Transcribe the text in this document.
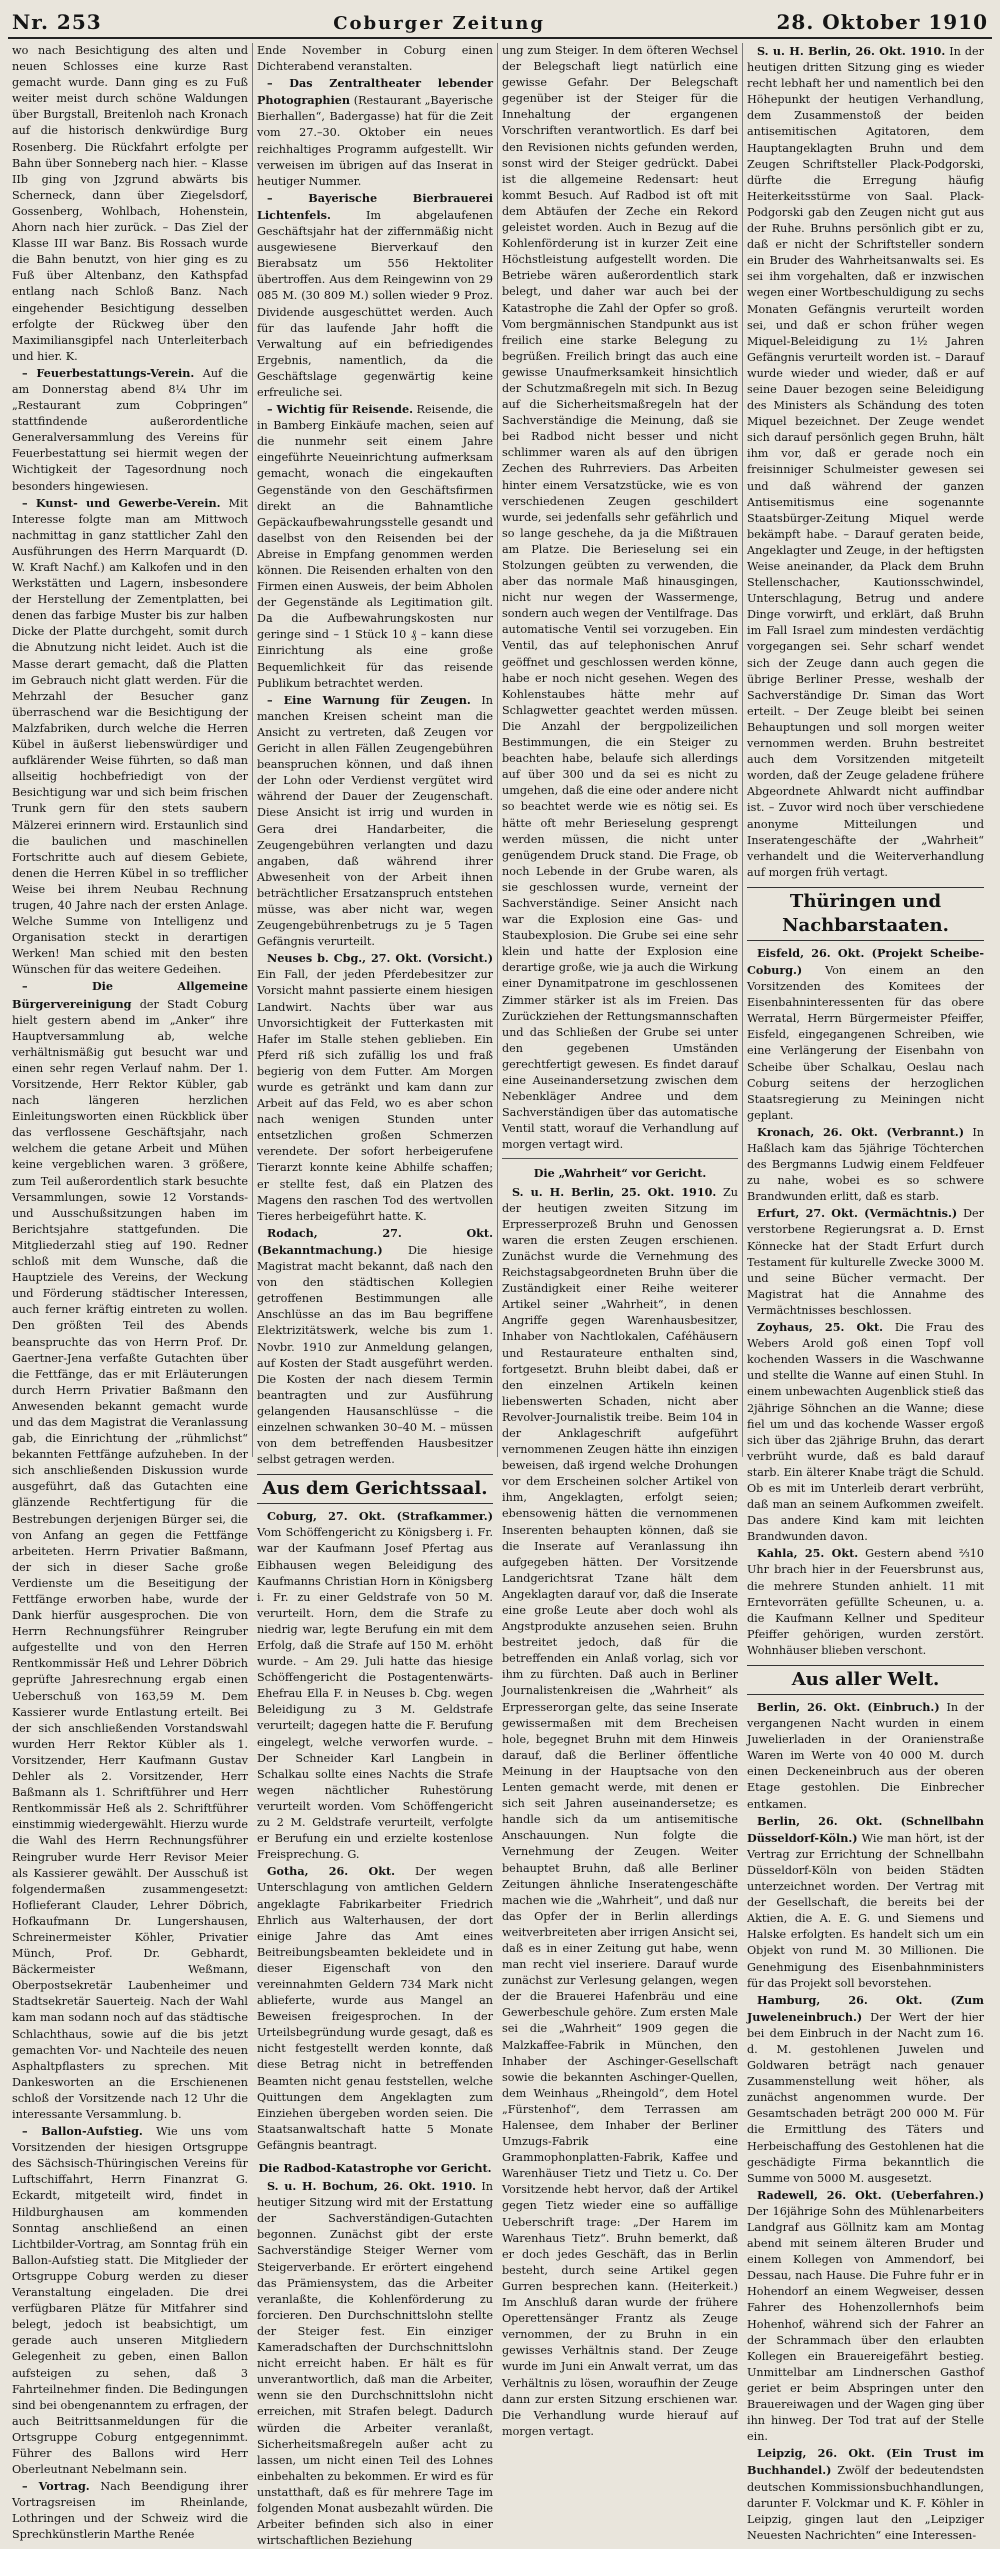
Nr. 253	Coburger Zeitung	28. Oktober 1910

wo nach Besichtigung des alten und neuen Schlosses eine kurze Rast gemacht wurde. Dann ging es zu Fuß weiter meist durch schöne Waldungen über Burgstall, Breitenloh nach Kronach auf die historisch denkwürdige Burg Rosenberg. Die Rückfahrt erfolgte per Bahn über Sonneberg nach hier. – Klasse IIb ging von Jzgrund abwärts bis Scherneck, dann über Ziegelsdorf, Gossenberg, Wohlbach, Hohenstein, Ahorn nach hier zurück. – Das Ziel der Klasse III war Banz. Bis Rossach wurde die Bahn benutzt, von hier ging es zu Fuß über Altenbanz, den Kathspfad entlang nach Schloß Banz. Nach eingehender Besichtigung desselben erfolgte der Rückweg über den Maximiliansgipfel nach Unterleiterbach und hier. K.

– Feuerbestattungs-Verein. Auf die am Donnerstag abend 8¼ Uhr im „Restaurant zum Cobpringen“ stattfindende außerordentliche Generalversammlung des Vereins für Feuerbestattung sei hiermit wegen der Wichtigkeit der Tagesordnung noch besonders hingewiesen.

– Kunst- und Gewerbe-Verein. Mit Interesse folgte man am Mittwoch nachmittag in ganz stattlicher Zahl den Ausführungen des Herrn Marquardt (D. W. Kraft Nachf.) am Kalkofen und in den Werkstätten und Lagern, insbesondere der Herstellung der Zementplatten, bei denen das farbige Muster bis zur halben Dicke der Platte durchgeht, somit durch die Abnutzung nicht leidet. Auch ist die Masse derart gemacht, daß die Platten im Gebrauch nicht glatt werden. Für die Mehrzahl der Besucher ganz überraschend war die Besichtigung der Malzfabriken, durch welche die Herren Kübel in äußerst liebenswürdiger und aufklärender Weise führten, so daß man allseitig hochbefriedigt von der Besichtigung war und sich beim frischen Trunk gern für den stets saubern Mälzerei erinnern wird. Erstaunlich sind die baulichen und maschinellen Fortschritte auch auf diesem Gebiete, denen die Herren Kübel in so trefflicher Weise bei ihrem Neubau Rechnung trugen, 40 Jahre nach der ersten Anlage. Welche Summe von Intelligenz und Organisation steckt in derartigen Werken! Man schied mit den besten Wünschen für das weitere Gedeihen.

– Die Allgemeine Bürgervereinigung der Stadt Coburg hielt gestern abend im „Anker“ ihre Hauptversammlung ab, welche verhältnismäßig gut besucht war und einen sehr regen Verlauf nahm. Der 1. Vorsitzende, Herr Rektor Kübler, gab nach längeren herzlichen Einleitungsworten einen Rückblick über das verflossene Geschäftsjahr, nach welchem die getane Arbeit und Mühen keine vergeblichen waren. 3 größere, zum Teil außerordentlich stark besuchte Versammlungen, sowie 12 Vorstands- und Ausschußsitzungen haben im Berichtsjahre stattgefunden. Die Mitgliederzahl stieg auf 190. Redner schloß mit dem Wunsche, daß die Hauptziele des Vereins, der Weckung und Förderung städtischer Interessen, auch ferner kräftig eintreten zu wollen. Den größten Teil des Abends beanspruchte das von Herrn Prof. Dr. Gaertner-Jena verfaßte Gutachten über die Fettfänge, das er mit Erläuterungen durch Herrn Privatier Baßmann den Anwesenden bekannt gemacht wurde und das dem Magistrat die Veranlassung gab, die Einrichtung der „rühmlichst“ bekannten Fettfänge aufzuheben. In der sich anschließenden Diskussion wurde ausgeführt, daß das Gutachten eine glänzende Rechtfertigung für die Bestrebungen derjenigen Bürger sei, die von Anfang an gegen die Fettfänge arbeiteten. Herrn Privatier Baßmann, der sich in dieser Sache große Verdienste um die Beseitigung der Fettfänge erworben habe, wurde der Dank hierfür ausgesprochen. Die von Herrn Rechnungsführer Reingruber aufgestellte und von den Herren Rentkommissär Heß und Lehrer Döbrich geprüfte Jahresrechnung ergab einen Ueberschuß von 163,59 M. Dem Kassierer wurde Entlastung erteilt. Bei der sich anschließenden Vorstandswahl wurden Herr Rektor Kübler als 1. Vorsitzender, Herr Kaufmann Gustav Dehler als 2. Vorsitzender, Herr Baßmann als 1. Schriftführer und Herr Rentkommissär Heß als 2. Schriftführer einstimmig wiedergewählt. Hierzu wurde die Wahl des Herrn Rechnungsführer Reingruber wurde Herr Revisor Meier als Kassierer gewählt. Der Ausschuß ist folgendermaßen zusammengesetzt: Hoflieferant Clauder, Lehrer Döbrich, Hofkaufmann Dr. Lungershausen, Schreinermeister Köhler, Privatier Münch, Prof. Dr. Gebhardt, Bäckermeister Weßmann, Oberpostsekretär Laubenheimer und Stadtsekretär Sauerteig. Nach der Wahl kam man sodann noch auf das städtische Schlachthaus, sowie auf die bis jetzt gemachten Vor- und Nachteile des neuen Asphaltpflasters zu sprechen. Mit Dankesworten an die Erschienenen schloß der Vorsitzende nach 12 Uhr die interessante Versammlung. b.

– Ballon-Aufstieg. Wie uns vom Vorsitzenden der hiesigen Ortsgruppe des Sächsisch-Thüringischen Vereins für Luftschiffahrt, Herrn Finanzrat G. Eckardt, mitgeteilt wird, findet in Hildburghausen am kommenden Sonntag anschließend an einen Lichtbilder-Vortrag, am Sonntag früh ein Ballon-Aufstieg statt. Die Mitglieder der Ortsgruppe Coburg werden zu dieser Veranstaltung eingeladen. Die drei verfügbaren Plätze für Mitfahrer sind belegt, jedoch ist beabsichtigt, um gerade auch unseren Mitgliedern Gelegenheit zu geben, einen Ballon aufsteigen zu sehen, daß 3 Fahrteilnehmer finden. Die Bedingungen sind bei obengenanntem zu erfragen, der auch Beitrittsanmeldungen für die Ortsgruppe Coburg entgegennimmt. Führer des Ballons wird Herr Oberleutnant Nebelmann sein.

– Vortrag. Nach Beendigung ihrer Vortragsreisen im Rheinlande, Lothringen und der Schweiz wird die Sprechkünstlerin Marthe Renée

Ende November in Coburg einen Dichterabend veranstalten.

– Das Zentraltheater lebender Photographien (Restaurant „Bayerische Bierhallen“, Badergasse) hat für die Zeit vom 27.–30. Oktober ein neues reichhaltiges Programm aufgestellt. Wir verweisen im übrigen auf das Inserat in heutiger Nummer.

– Bayerische Bierbrauerei Lichtenfels.	Im abgelaufenen Geschäftsjahr hat der ziffernmäßig nicht ausgewiesene Bierverkauf den Bierabsatz um 556 Hektoliter übertroffen. Aus dem Reingewinn von 29 085 M. (30 809 M.) sollen wieder 9 Proz. Dividende ausgeschüttet werden. Auch für das laufende Jahr hofft die Verwaltung auf ein befriedigendes Ergebnis, namentlich, da die Geschäftslage gegenwärtig keine erfreuliche sei.

– Wichtig für Reisende. Reisende, die in Bamberg Einkäufe machen, seien auf die nunmehr seit einem Jahre eingeführte Neueinrichtung aufmerksam gemacht, wonach die eingekauften Gegenstände von den Geschäftsfirmen direkt an die Bahnamtliche Gepäckaufbewahrungsstelle gesandt und daselbst von den Reisenden bei der Abreise in Empfang genommen werden können. Die Reisenden erhalten von den Firmen einen Ausweis, der beim Abholen der Gegenstände als Legitimation gilt. Da die Aufbewahrungskosten nur geringe sind – 1 Stück 10 ₰ – kann diese Einrichtung als eine große Bequemlichkeit für das reisende Publikum betrachtet werden.

– Eine Warnung für Zeugen. In manchen Kreisen scheint man die Ansicht zu vertreten, daß Zeugen vor Gericht in allen Fällen Zeugengebühren beanspruchen können, und daß ihnen der Lohn oder Verdienst vergütet wird während der Dauer der Zeugenschaft. Diese Ansicht ist irrig und wurden in Gera drei Handarbeiter, die Zeugengebühren verlangten und dazu angaben, daß während ihrer Abwesenheit von der Arbeit ihnen beträchtlicher Ersatzanspruch entstehen müsse, was aber nicht war, wegen Zeugengebührenbetrugs zu je 5 Tagen Gefängnis verurteilt.

Neuses b. Cbg., 27. Okt. (Vorsicht.) Ein Fall, der jeden Pferdebesitzer zur Vorsicht mahnt passierte einem hiesigen Landwirt. Nachts über war aus Unvorsichtigkeit der Futterkasten mit Hafer im Stalle stehen geblieben. Ein Pferd riß sich zufällig los und fraß begierig von dem Futter. Am Morgen wurde es getränkt und kam dann zur Arbeit auf das Feld, wo es aber schon nach wenigen Stunden unter entsetzlichen großen Schmerzen verendete. Der sofort herbeigerufene Tierarzt konnte keine Abhilfe schaffen; er stellte fest, daß ein Platzen des Magens den raschen Tod des wertvollen Tieres herbeigeführt hatte. K.

Rodach, 27. Okt. (Bekanntmachung.) Die hiesige Magistrat macht bekannt, daß nach den von den städtischen Kollegien getroffenen Bestimmungen alle Anschlüsse an das im Bau begriffene Elektrizitätswerk, welche bis zum 1. Novbr. 1910 zur Anmeldung gelangen, auf Kosten der Stadt ausgeführt werden. Die Kosten der nach diesem Termin beantragten und zur Ausführung gelangenden Hausanschlüsse – die einzelnen schwanken 30–40 M. – müssen von dem betreffenden Hausbesitzer selbst getragen werden.

Aus dem Gerichtssaal.

Coburg, 27. Okt. (Strafkammer.) Vom Schöffengericht zu Königsberg i. Fr. war der Kaufmann Josef Pfertag aus Eibhausen wegen Beleidigung des Kaufmanns Christian Horn in Königsberg i. Fr. zu einer Geldstrafe von 50 M. verurteilt. Horn, dem die Strafe zu niedrig war, legte Berufung ein mit dem Erfolg, daß die Strafe auf 150 M. erhöht wurde. – Am 29. Juli hatte das hiesige Schöffengericht die Postagentenwärts-Ehefrau Ella F. in Neuses b. Cbg. wegen Beleidigung zu 3 M. Geldstrafe verurteilt; dagegen hatte die F. Berufung eingelegt, welche verworfen wurde. – Der Schneider Karl Langbein in Schalkau sollte eines Nachts die Strafe wegen nächtlicher Ruhestörung verurteilt worden. Vom Schöffengericht zu 2 M. Geldstrafe verurteilt, verfolgte er Berufung ein und erzielte kostenlose Freisprechung. G.

Gotha, 26. Okt. Der wegen Unterschlagung von amtlichen Geldern angeklagte Fabrikarbeiter Friedrich Ehrlich aus Walterhausen, der dort einige Jahre das Amt eines Beitreibungsbeamten bekleidete und in dieser Eigenschaft von den vereinnahmten Geldern 734 Mark nicht ablieferte, wurde aus Mangel an Beweisen freigesprochen. In der Urteilsbegründung wurde gesagt, daß es nicht festgestellt werden konnte, daß diese Betrag nicht in betreffenden Beamten nicht genau feststellen, welche Quittungen dem Angeklagten zum Einziehen übergeben worden seien. Die Staatsanwaltschaft hatte 5 Monate Gefängnis beantragt.

Die Radbod-Katastrophe vor Gericht.

S. u. H. Bochum, 26. Okt. 1910. In heutiger Sitzung wird mit der Erstattung der Sachverständigen-Gutachten begonnen. Zunächst gibt der erste Sachverständige Steiger Werner vom Steigerverbande. Er erörtert eingehend das Prämiensystem, das die Arbeiter veranlaßte, die Kohlenförderung zu forcieren. Den Durchschnittslohn stellte der Steiger fest. Ein einziger Kameradschaften der Durchschnittslohn nicht erreicht haben. Er hält es für unverantwortlich, daß man die Arbeiter, wenn sie den Durchschnittslohn nicht erreichen, mit Strafen belegt. Dadurch würden die Arbeiter veranlaßt, Sicherheitsmaßregeln außer acht zu lassen, um nicht einen Teil des Lohnes einbehalten zu bekommen. Er wird es für unstatthaft, daß es für mehrere Tage im folgenden Monat ausbezahlt würden. Die Arbeiter befinden sich also in einer wirtschaftlichen Beziehung

ung zum Steiger. In dem öfteren Wechsel der Belegschaft liegt natürlich eine gewisse Gefahr. Der Belegschaft gegenüber ist der Steiger für die Innehaltung der ergangenen Vorschriften verantwortlich. Es darf bei den Revisionen nichts gefunden werden, sonst wird der Steiger gedrückt. Dabei ist die allgemeine Redensart: heut kommt Besuch. Auf Radbod ist oft mit dem Abtäufen der Zeche ein Rekord geleistet worden. Auch in Bezug auf die Kohlenförderung ist in kurzer Zeit eine Höchstleistung aufgestellt worden. Die Betriebe wären außerordentlich stark belegt, und daher war auch bei der Katastrophe die Zahl der Opfer so groß. Vom bergmännischen Standpunkt aus ist freilich eine starke Belegung zu begrüßen. Freilich bringt das auch eine gewisse Unaufmerksamkeit hinsichtlich der Schutzmaßregeln mit sich. In Bezug auf die Sicherheitsmaßregeln hat der Sachverständige die Meinung, daß sie bei Radbod nicht besser und nicht schlimmer waren als auf den übrigen Zechen des Ruhrreviers. Das Arbeiten hinter einem Versatzstücke, wie es von verschiedenen Zeugen geschildert wurde, sei jedenfalls sehr gefährlich und so lange geschehe, da ja die Mißtrauen am Platze. Die Berieselung sei ein Stolzungen geübten zu verwenden, die aber das normale Maß hinausgingen, nicht nur wegen der Wassermenge, sondern auch wegen der Ventilfrage. Das automatische Ventil sei vorzugeben. Ein Ventil, das auf telephonischen Anruf geöffnet und geschlossen werden könne, habe er noch nicht gesehen. Wegen des Kohlenstaubes hätte mehr auf Schlagwetter geachtet werden müssen. Die Anzahl der bergpolizeilichen Bestimmungen, die ein Steiger zu beachten habe, belaufe sich allerdings auf über 300 und da sei es nicht zu umgehen, daß die eine oder andere nicht so beachtet werde wie es nötig sei. Es hätte oft mehr Berieselung gesprengt werden müssen, die nicht unter genügendem Druck stand. Die Frage, ob noch Lebende in der Grube waren, als sie geschlossen wurde, verneint der Sachverständige. Seiner Ansicht nach war die Explosion eine Gas- und Staubexplosion. Die Grube sei eine sehr klein und hatte der Explosion eine derartige große, wie ja auch die Wirkung einer Dynamitpatrone im geschlossenen Zimmer stärker ist als im Freien. Das Zurückziehen der Rettungsmannschaften und das Schließen der Grube sei unter den gegebenen Umständen gerechtfertigt gewesen. Es findet darauf eine Auseinandersetzung zwischen dem Nebenkläger Andree und dem Sachverständigen über das automatische Ventil statt, worauf die Verhandlung auf morgen vertagt wird.

Die „Wahrheit“ vor Gericht.

S. u. H. Berlin, 25. Okt. 1910. Zu der heutigen zweiten Sitzung im Erpresserprozeß Bruhn und Genossen waren die ersten Zeugen erschienen. Zunächst wurde die Vernehmung des Reichstagsabgeordneten Bruhn über die Zuständigkeit einer Reihe weiterer Artikel seiner „Wahrheit“, in denen Angriffe gegen Warenhausbesitzer, Inhaber von Nachtlokalen, Caféhäusern und Restaurateure enthalten sind, fortgesetzt. Bruhn bleibt dabei, daß er den einzelnen Artikeln keinen liebenswerten Schaden, nicht aber Revolver-Journalistik treibe. Beim 104 in der Anklageschrift aufgeführt vernommenen Zeugen hätte ihn einzigen beweisen, daß irgend welche Drohungen vor dem Erscheinen solcher Artikel von ihm, Angeklagten, erfolgt seien; ebensowenig hätten die vernommenen Inserenten behaupten können, daß sie die Inserate auf Veranlassung ihn aufgegeben hätten. Der Vorsitzende Landgerichtsrat Tzane hält dem Angeklagten darauf vor, daß die Inserate eine große Leute aber doch wohl als Angstprodukte anzusehen seien. Bruhn bestreitet jedoch, daß für die betreffenden ein Anlaß vorlag, sich vor ihm zu fürchten. Daß auch in Berliner Journalistenkreisen die „Wahrheit“ als Erpresserorgan gelte, das seine Inserate gewissermaßen mit dem Brecheisen hole, begegnet Bruhn mit dem Hinweis darauf, daß die Berliner öffentliche Meinung in der Hauptsache von den Lenten gemacht werde, mit denen er sich seit Jahren auseinandersetze; es handle sich da um antisemitische Anschauungen. Nun folgte die Vernehmung der Zeugen. Weiter behauptet Bruhn, daß alle Berliner Zeitungen ähnliche Inseratengeschäfte machen wie die „Wahrheit“, und daß nur das Opfer der in Berlin allerdings weitverbreiteten aber irrigen Ansicht sei, daß es in einer Zeitung gut habe, wenn man recht viel inseriere. Darauf wurde zunächst zur Verlesung gelangen, wegen der die Brauerei Hafenbräu und eine Gewerbeschule gehöre. Zum ersten Male sei die „Wahrheit“ 1909 gegen die Malzkaffee-Fabrik in München, den Inhaber der Aschinger-Gesellschaft sowie die bekannten Aschinger-Quellen, dem Weinhaus „Rheingold“, dem Hotel „Fürstenhof“, dem Terrassen am Halensee, dem Inhaber der Berliner Umzugs-Fabrik eine Grammophonplatten-Fabrik, Kaffee und Warenhäuser Tietz und Tietz u. Co. Der Vorsitzende hebt hervor, daß der Artikel gegen Tietz wieder eine so auffällige Ueberschrift trage: „Der Harem im Warenhaus Tietz“. Bruhn bemerkt, daß er doch jedes Geschäft, das in Berlin besteht, durch seine Artikel gegen Gurren besprechen kann. (Heiterkeit.) Im Anschluß daran wurde der frühere Operettensänger Frantz als Zeuge vernommen, der zu Bruhn in ein gewisses Verhältnis stand. Der Zeuge wurde im Juni ein Anwalt verrat, um das Verhältnis zu lösen, woraufhin der Zeuge dann zur ersten Sitzung erschienen war. Die Verhandlung wurde hierauf auf morgen vertagt.

S. u. H. Berlin, 26. Okt. 1910. In der heutigen dritten Sitzung ging es wieder recht lebhaft her und namentlich bei den Höhepunkt der heutigen Verhandlung, dem Zusammenstoß der beiden antisemitischen Agitatoren, dem Hauptangeklagten Bruhn und dem Zeugen Schriftsteller Plack-Podgorski, dürfte die Erregung häufig Heiterkeitsstürme von Saal. Plack-Podgorski gab den Zeugen nicht gut aus der Ruhe. Bruhns persönlich gibt er zu, daß er nicht der Schriftsteller sondern ein Bruder des Wahrheitsanwalts sei. Es sei ihm vorgehalten, daß er inzwischen wegen einer Wortbeschuldigung zu sechs Monaten Gefängnis verurteilt worden sei, und daß er schon früher wegen Miquel-Beleidigung zu 1½ Jahren Gefängnis verurteilt worden ist. – Darauf wurde wieder und wieder, daß er auf seine Dauer bezogen seine Beleidigung des Ministers als Schändung des toten Miquel bezeichnet. Der Zeuge wendet sich darauf persönlich gegen Bruhn, hält ihm vor, daß er gerade noch ein freisinniger Schulmeister gewesen sei und daß während der ganzen Antisemitismus eine sogenannte Staatsbürger-Zeitung Miquel werde bekämpft habe. – Darauf geraten beide, Angeklagter und Zeuge, in der heftigsten Weise aneinander, da Plack dem Bruhn Stellenschacher, Kautionsschwindel, Unterschlagung, Betrug und andere Dinge vorwirft, und erklärt, daß Bruhn im Fall Israel zum mindesten verdächtig vorgegangen sei. Sehr scharf wendet sich der Zeuge dann auch gegen die übrige Berliner Presse, weshalb der Sachverständige Dr. Siman das Wort erteilt. – Der Zeuge bleibt bei seinen Behauptungen und soll morgen weiter vernommen werden. Bruhn bestreitet auch dem Vorsitzenden mitgeteilt worden, daß der Zeuge geladene frühere Abgeordnete Ahlwardt nicht auffindbar ist. – Zuvor wird noch über verschiedene anonyme Mitteilungen und Inseratengeschäfte der „Wahrheit“ verhandelt und die Weiterverhandlung auf morgen früh vertagt.

Thüringen und Nachbarstaaten.

Eisfeld, 26. Okt. (Projekt Scheibe-Coburg.) Von einem an den Vorsitzenden des Komitees der Eisenbahninteressenten für das obere Werratal, Herrn Bürgermeister Pfeiffer, Eisfeld, eingegangenen Schreiben, wie eine Verlängerung der Eisenbahn von Scheibe über Schalkau, Oeslau nach Coburg seitens der herzoglichen Staatsregierung zu Meiningen nicht geplant.

Kronach, 26. Okt. (Verbrannt.) In Haßlach kam das 5jährige Töchterchen des Bergmanns Ludwig einem Feldfeuer zu nahe, wobei es so schwere Brandwunden erlitt, daß es starb.

Erfurt, 27. Okt. (Vermächtnis.) Der verstorbene Regierungsrat a. D. Ernst Könnecke hat der Stadt Erfurt durch Testament für kulturelle Zwecke 3000 M. und seine Bücher vermacht. Der Magistrat hat die Annahme des Vermächtnisses beschlossen.

Zoyhaus, 25. Okt. Die Frau des Webers Arold goß einen Topf voll kochenden Wassers in die Waschwanne und stellte die Wanne auf einen Stuhl. In einem unbewachten Augenblick stieß das 2jährige Söhnchen an die Wanne; diese fiel um und das kochende Wasser ergoß sich über das 2jährige Bruhn, das derart verbrüht wurde, daß es bald darauf starb. Ein älterer Knabe trägt die Schuld. Ob es mit im Unterleib derart verbrüht, daß man an seinem Aufkommen zweifelt. Das andere Kind kam mit leichten Brandwunden davon.

Kahla, 25. Okt. Gestern abend ⅔10 Uhr brach hier in der Feuersbrunst aus, die mehrere Stunden anhielt. 11 mit Erntevorräten gefüllte Scheunen, u. a. die Kaufmann Kellner und Spediteur Pfeiffer gehörigen, wurden zerstört. Wohnhäuser blieben verschont.

Aus aller Welt.

Berlin, 26. Okt. (Einbruch.) In der vergangenen Nacht wurden in einem Juwelierladen in der Oranienstraße Waren im Werte von 40 000 M. durch einen Deckeneinbruch aus der oberen Etage gestohlen. Die Einbrecher entkamen.

Berlin, 26. Okt. (Schnellbahn Düsseldorf-Köln.) Wie man hört, ist der Vertrag zur Errichtung der Schnellbahn Düsseldorf-Köln von beiden Städten unterzeichnet worden. Der Vertrag mit der Gesellschaft, die bereits bei der Aktien, die A. E. G. und Siemens und Halske erfolgten. Es handelt sich um ein Objekt von rund M. 30 Millionen. Die Genehmigung des Eisenbahnministers für das Projekt soll bevorstehen.

Hamburg, 26. Okt. (Zum Juweleneinbruch.) Der Wert der hier bei dem Einbruch in der Nacht zum 16. d. M. gestohlenen Juwelen und Goldwaren beträgt nach genauer Zusammenstellung weit höher, als zunächst angenommen wurde. Der Gesamtschaden beträgt 200 000 M. Für die Ermittlung des Täters und Herbeischaffung des Gestohlenen hat die geschädigte Firma bekanntlich die Summe von 5000 M. ausgesetzt.

Radewell, 26. Okt. (Ueberfahren.) Der 16jährige Sohn des Mühlenarbeiters Landgraf aus Göllnitz kam am Montag abend mit seinem älteren Bruder und einem Kollegen von Ammendorf, bei Dessau, nach Hause. Die Fuhre fuhr er in Hohendorf an einem Wegweiser, dessen Fahrer des Hohenzollernhofs beim Hohenhof, während sich der Fahrer an der Schrammach über den erlaubten Kollegen ein Brauereigefährt bestieg. Unmittelbar am Lindnerschen Gasthof geriet er beim Abspringen unter den Brauereiwagen und der Wagen ging über ihn hinweg. Der Tod trat auf der Stelle ein.

Leipzig, 26. Okt. (Ein Trust im Buchhandel.) Zwölf der bedeutendsten deutschen Kommissionsbuchhandlungen, darunter F. Volckmar und K. F. Köhler in Leipzig, gingen laut den „Leipziger Neuesten Nachrichten“ eine Interessen-
